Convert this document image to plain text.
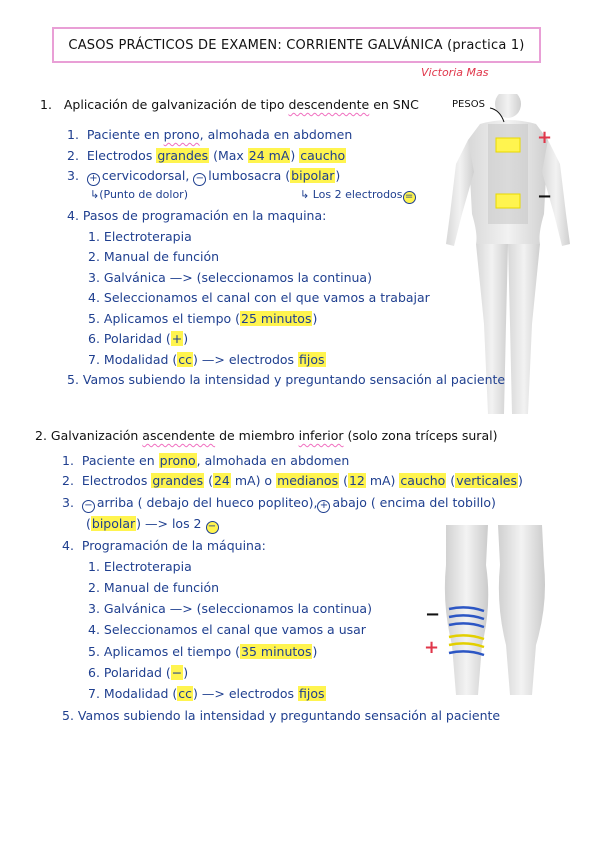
CASOS PRÁCTICOS DE EXAMEN: CORRIENTE GALVÁNICA (practica 1)
Victoria Mas
PESOS
+
−
1. Aplicación de galvanización de tipo descendente en SNC
1. Paciente en prono, almohada en abdomen
2. Electrodos grandes (Max 24 mA) caucho
3. + cervicodorsal, − lumbosacra (bipolar)
↳(Punto de dolor)	↳ Los 2 electrodos =
4. Pasos de programación en la maquina:
1. Electroterapia
2. Manual de función
3. Galvánica —> (seleccionamos la continua)
4. Seleccionamos el canal con el que vamos a trabajar
5. Aplicamos el tiempo (25 minutos)
6. Polaridad (+)
7. Modalidad (cc) —> electrodos fijos
5. Vamos subiendo la intensidad y preguntando sensación al paciente
2. Galvanización ascendente de miembro inferior (solo zona tríceps sural)
1. Paciente en prono, almohada en abdomen
2. Electrodos grandes (24 mA) o medianos (12 mA) caucho (verticales)
3. − arriba ( debajo del hueco popliteo), + abajo ( encima del tobillo)
(bipolar) —> los 2 −
4. Programación de la máquina:
1. Electroterapia
2. Manual de función
3. Galvánica —> (seleccionamos la continua)
4. Seleccionamos el canal que vamos a usar
5. Aplicamos el tiempo (35 minutos)
6. Polaridad (−)
7. Modalidad (cc) —> electrodos fijos
5. Vamos subiendo la intensidad y preguntando sensación al paciente
−
+
